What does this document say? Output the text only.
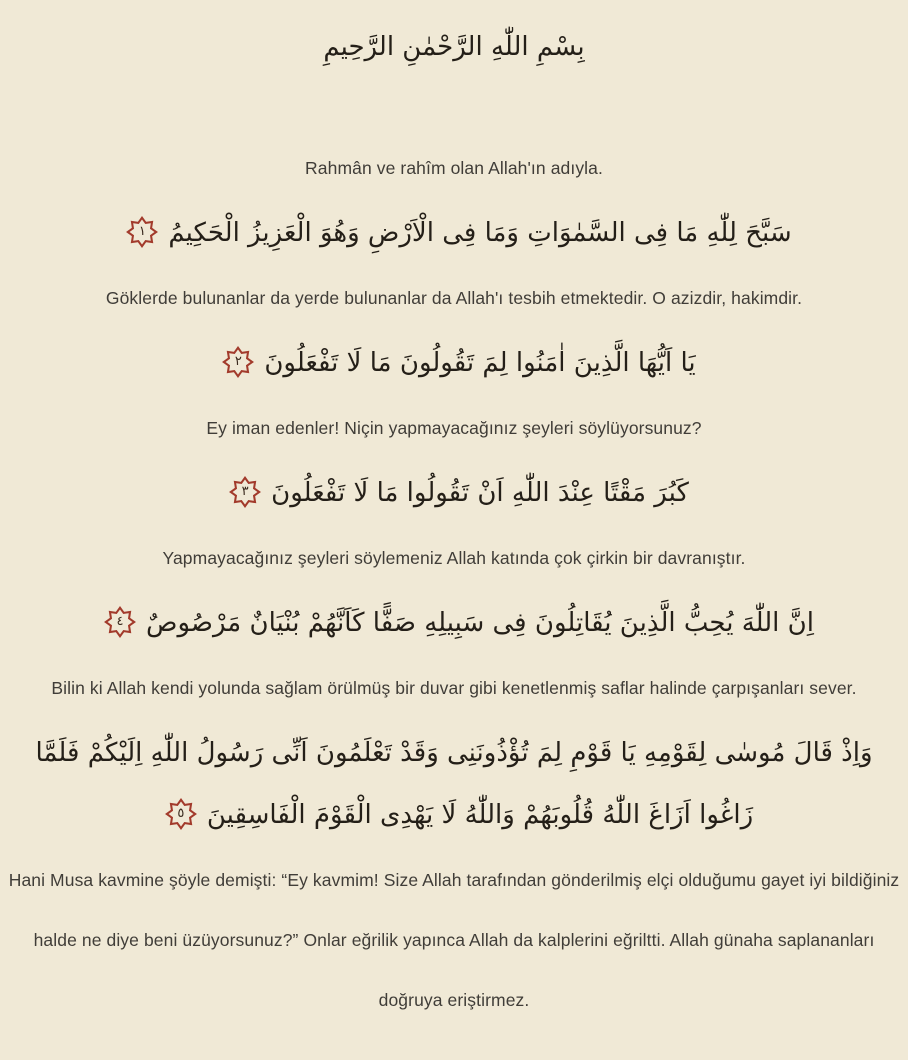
بِسْمِ اللّٰهِ الرَّحْمٰنِ الرَّحِيمِ

Rahmân ve rahîm olan Allah'ın adıyla.

سَبَّحَ لِلّٰهِ مَا فِى السَّمٰوَاتِ وَمَا فِى الْاَرْضِ وَهُوَ الْعَزِيزُ الْحَكِيمُ
١

Göklerde bulunanlar da yerde bulunanlar da Allah'ı tesbih etmektedir. O azizdir, hakimdir.

يَا اَيُّهَا الَّذِينَ اٰمَنُوا لِمَ تَقُولُونَ مَا لَا تَفْعَلُونَ
٢

Ey iman edenler! Niçin yapmayacağınız şeyleri söylüyorsunuz?

كَبُرَ مَقْتًا عِنْدَ اللّٰهِ اَنْ تَقُولُوا مَا لَا تَفْعَلُونَ
٣

Yapmayacağınız şeyleri söylemeniz Allah katında çok çirkin bir davranıştır.

اِنَّ اللّٰهَ يُحِبُّ الَّذِينَ يُقَاتِلُونَ فِى سَبِيلِهِ صَفًّا كَاَنَّهُمْ بُنْيَانٌ مَرْصُوصٌ
٤

Bilin ki Allah kendi yolunda sağlam örülmüş bir duvar gibi kenetlenmiş saflar halinde çarpışanları sever.

وَاِذْ قَالَ مُوسٰى لِقَوْمِهِ يَا قَوْمِ لِمَ تُؤْذُونَنِى وَقَدْ تَعْلَمُونَ اَنِّى رَسُولُ اللّٰهِ اِلَيْكُمْ فَلَمَّا زَاغُوا اَزَاغَ اللّٰهُ قُلُوبَهُمْ وَاللّٰهُ لَا يَهْدِى الْقَوْمَ الْفَاسِقِينَ
٥

Hani Musa kavmine şöyle demişti: “Ey kavmim! Size Allah tarafından gönderilmiş elçi olduğumu gayet iyi bildiğiniz halde ne diye beni üzüyorsunuz?” Onlar eğrilik yapınca Allah da kalplerini eğriltti. Allah günaha saplananları doğruya eriştirmez.
